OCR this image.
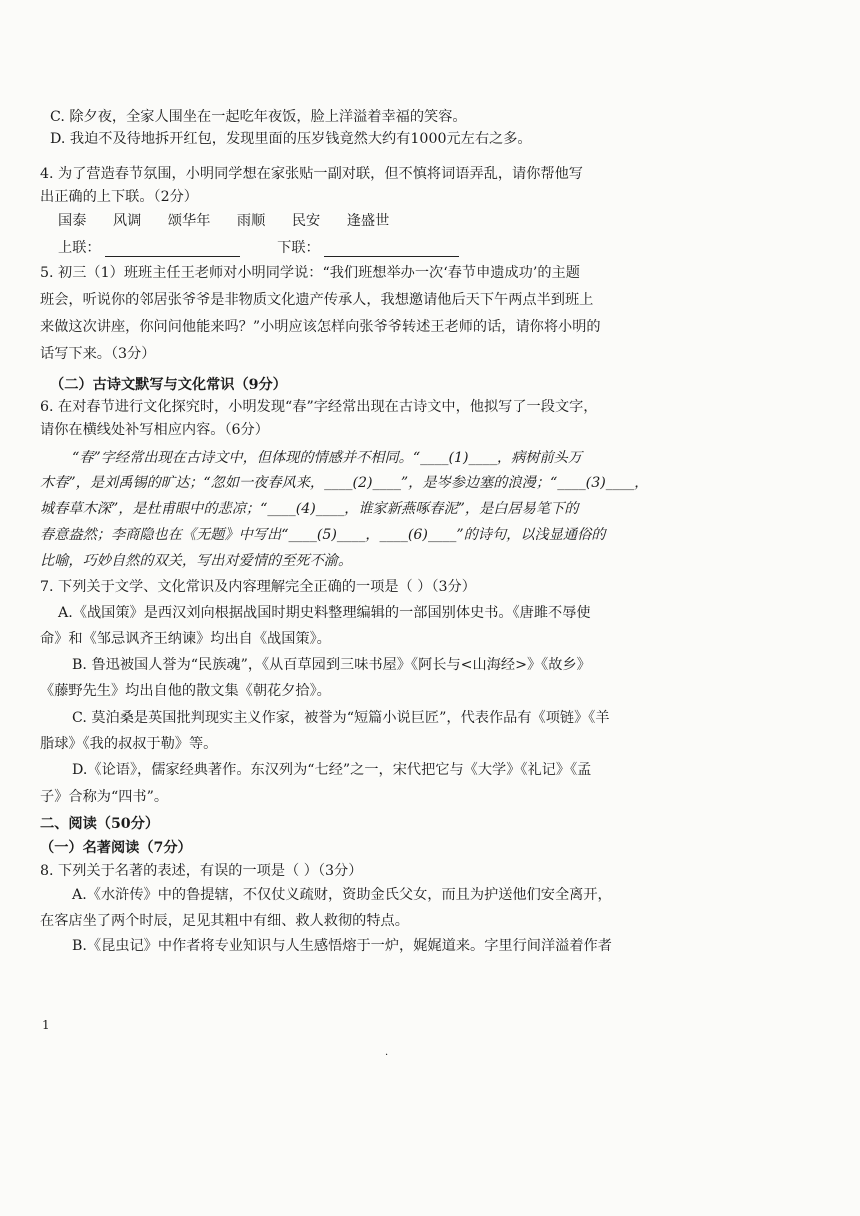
C. 除夕夜，全家人围坐在一起吃年夜饭，脸上洋溢着幸福的笑容。
D. 我迫不及待地拆开红包，发现里面的压岁钱竟然大约有1000元左右之多。
4. 为了营造春节氛围，小明同学想在家张贴一副对联，但不慎将词语弄乱，请你帮他写
出正确的上下联。（2分）
国泰 风调 颂华年 雨顺 民安 逢盛世
上联：	下联：
5. 初三（1）班班主任王老师对小明同学说：“我们班想举办一次‘春节申遗成功’的主题
班会，听说你的邻居张爷爷是非物质文化遗产传承人，我想邀请他后天下午两点半到班上
来做这次讲座，你问问他能来吗？”小明应该怎样向张爷爷转述王老师的话，请你将小明的
话写下来。（3分）
（二）古诗文默写与文化常识（9分）
6. 在对春节进行文化探究时，小明发现“春”字经常出现在古诗文中，他拟写了一段文字，
请你在横线处补写相应内容。（6分）
“春”字经常出现在古诗文中，但体现的情感并不相同。“____(1)____，病树前头万
木春”，是刘禹锡的旷达；“忽如一夜春风来，____(2)____”，是岑参边塞的浪漫；“____(3)____，
城春草木深”，是杜甫眼中的悲凉；“____(4)____，谁家新燕啄春泥”，是白居易笔下的
春意盎然；李商隐也在《无题》中写出“____(5)____，____(6)____”的诗句，以浅显通俗的
比喻，巧妙自然的双关，写出对爱情的至死不渝。
7. 下列关于文学、文化常识及内容理解完全正确的一项是（ ）（3分）
A.《战国策》是西汉刘向根据战国时期史料整理编辑的一部国别体史书。《唐雎不辱使
命》和《邹忌讽齐王纳谏》均出自《战国策》。
B. 鲁迅被国人誉为“民族魂”，《从百草园到三味书屋》《阿长与<山海经>》《故乡》
《藤野先生》均出自他的散文集《朝花夕拾》。
C. 莫泊桑是英国批判现实主义作家，被誉为“短篇小说巨匠”，代表作品有《项链》《羊
脂球》《我的叔叔于勒》等。
D.《论语》，儒家经典著作。东汉列为“七经”之一，宋代把它与《大学》《礼记》《孟
子》合称为“四书”。
二、阅读（50分）
（一）名著阅读（7分）
8. 下列关于名著的表述，有误的一项是（ ）（3分）
A.《水浒传》中的鲁提辖，不仅仗义疏财，资助金氏父女，而且为护送他们安全离开，
在客店坐了两个时辰，足见其粗中有细、救人救彻的特点。
B.《昆虫记》中作者将专业知识与人生感悟熔于一炉，娓娓道来。字里行间洋溢着作者
1
·
